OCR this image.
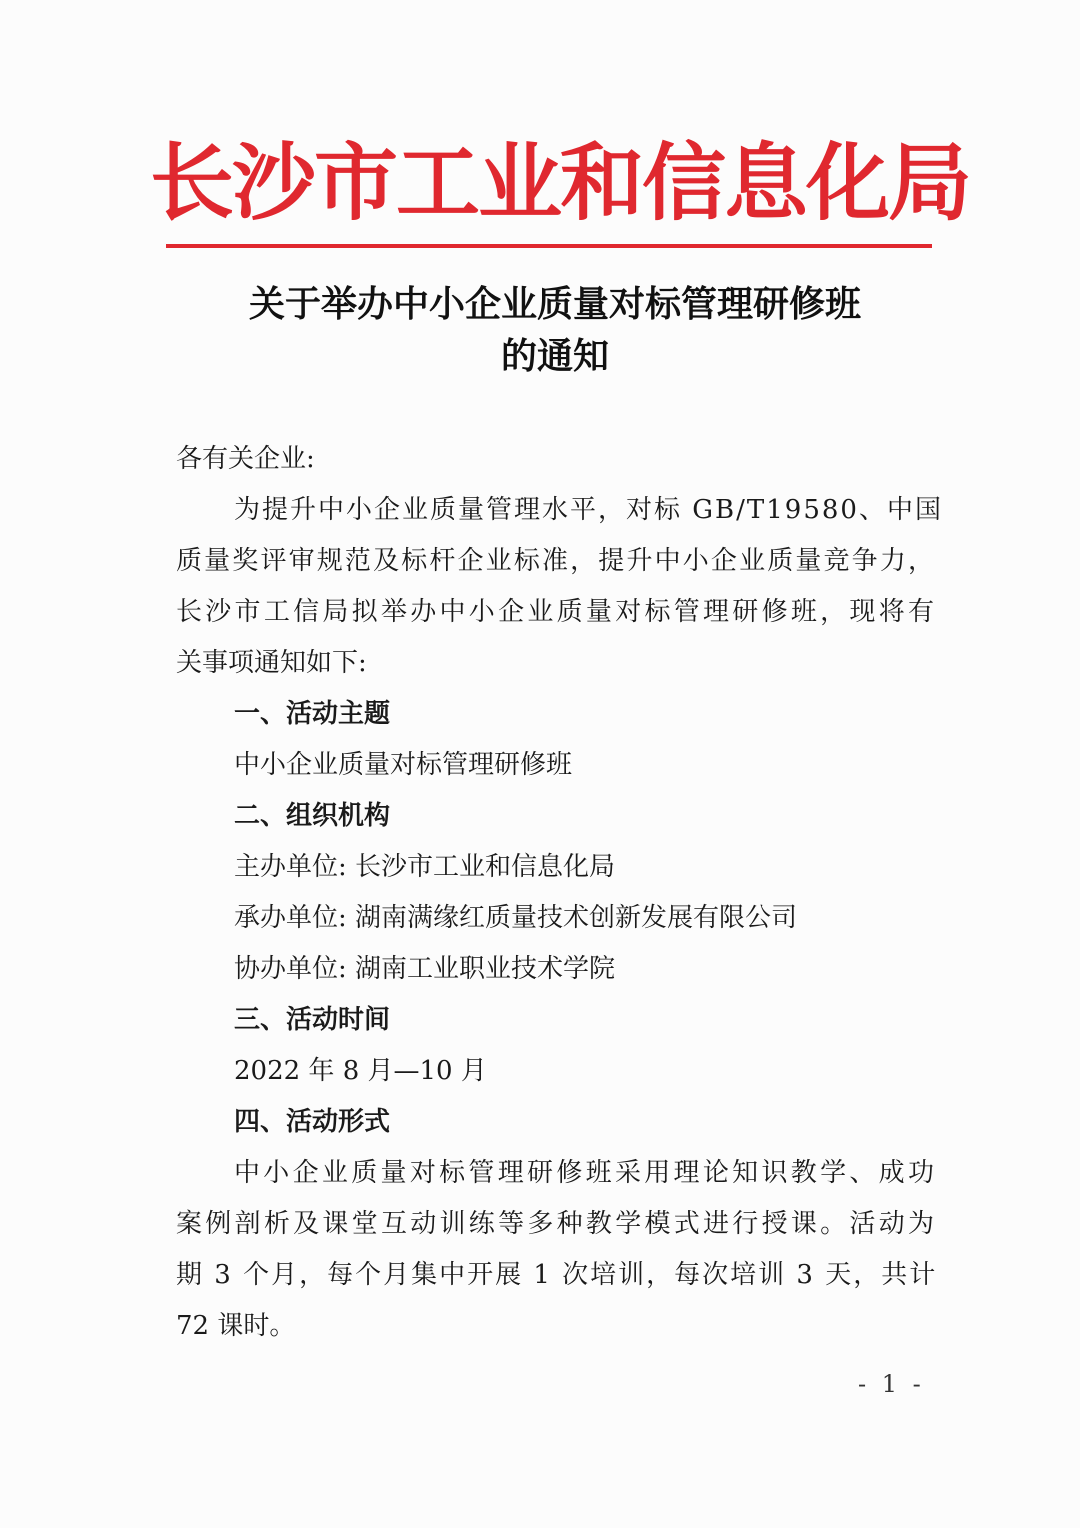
长沙市工业和信息化局
关于举办中小企业质量对标管理研修班
的通知
各有关企业:
为提升中小企业质量管理水平，对标 GB/T19580、中国
质量奖评审规范及标杆企业标准，提升中小企业质量竞争力，
长沙市工信局拟举办中小企业质量对标管理研修班，现将有
关事项通知如下:
一、活动主题
中小企业质量对标管理研修班
二、组织机构
主办单位: 长沙市工业和信息化局
承办单位: 湖南满缘红质量技术创新发展有限公司
协办单位: 湖南工业职业技术学院
三、活动时间
2022 年 8 月—10 月
四、活动形式
中小企业质量对标管理研修班采用理论知识教学、成功
案例剖析及课堂互动训练等多种教学模式进行授课。活动为
期 3 个月，每个月集中开展 1 次培训，每次培训 3 天，共计
72 课时。
- 1 -
